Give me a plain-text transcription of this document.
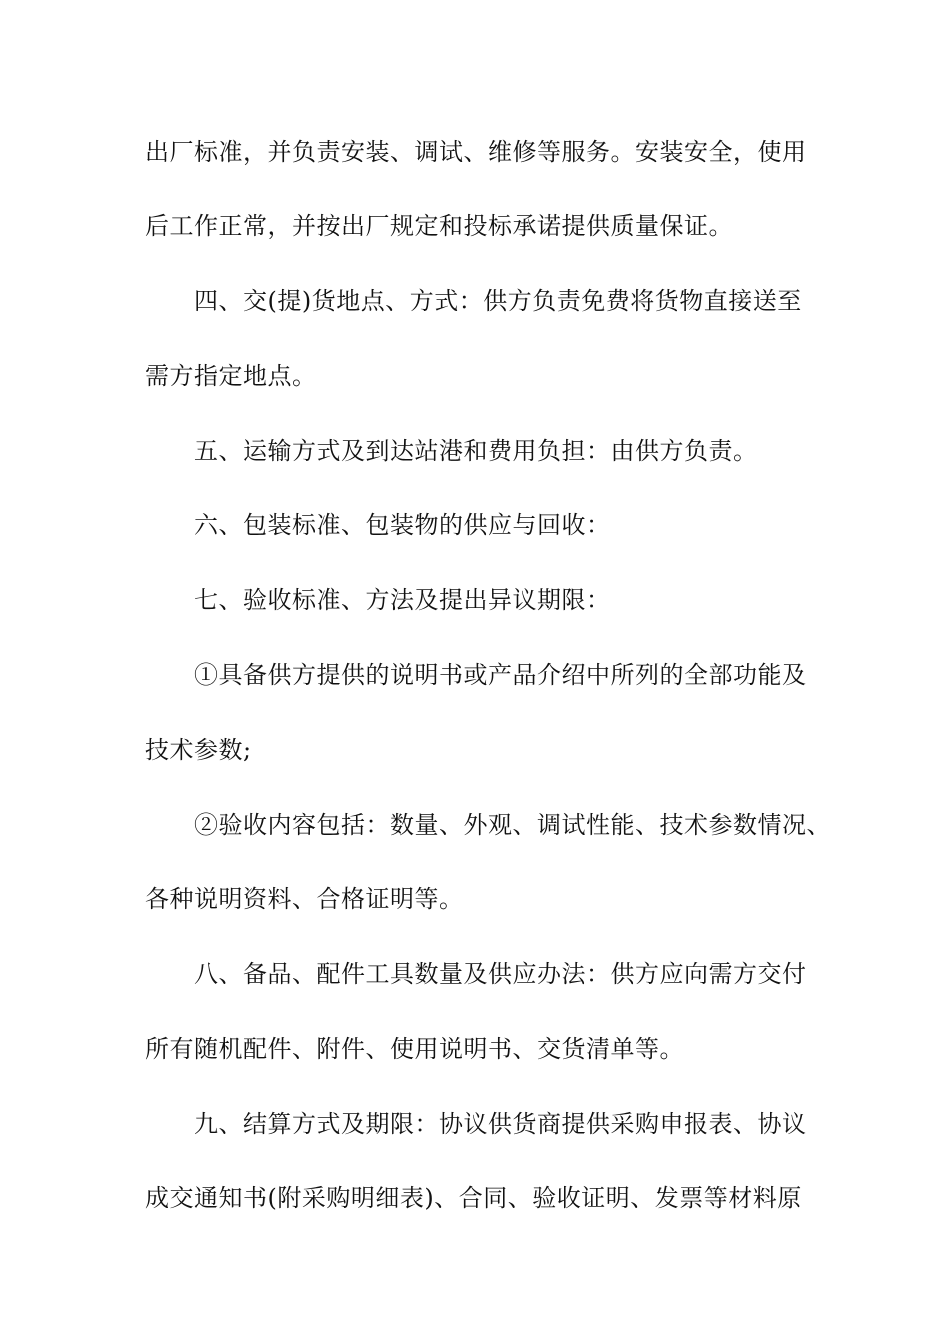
出厂标准，并负责安装、调试、维修等服务。安装安全，使用
后工作正常，并按出厂规定和投标承诺提供质量保证。
四、交(提)货地点、方式：供方负责免费将货物直接送至
需方指定地点。
五、运输方式及到达站港和费用负担：由供方负责。
六、包装标准、包装物的供应与回收：
七、验收标准、方法及提出异议期限：
①具备供方提供的说明书或产品介绍中所列的全部功能及
技术参数;
②验收内容包括：数量、外观、调试性能、技术参数情况、
各种说明资料、合格证明等。
八、备品、配件工具数量及供应办法：供方应向需方交付
所有随机配件、附件、使用说明书、交货清单等。
九、结算方式及期限：协议供货商提供采购申报表、协议
成交通知书(附采购明细表)、合同、验收证明、发票等材料原
